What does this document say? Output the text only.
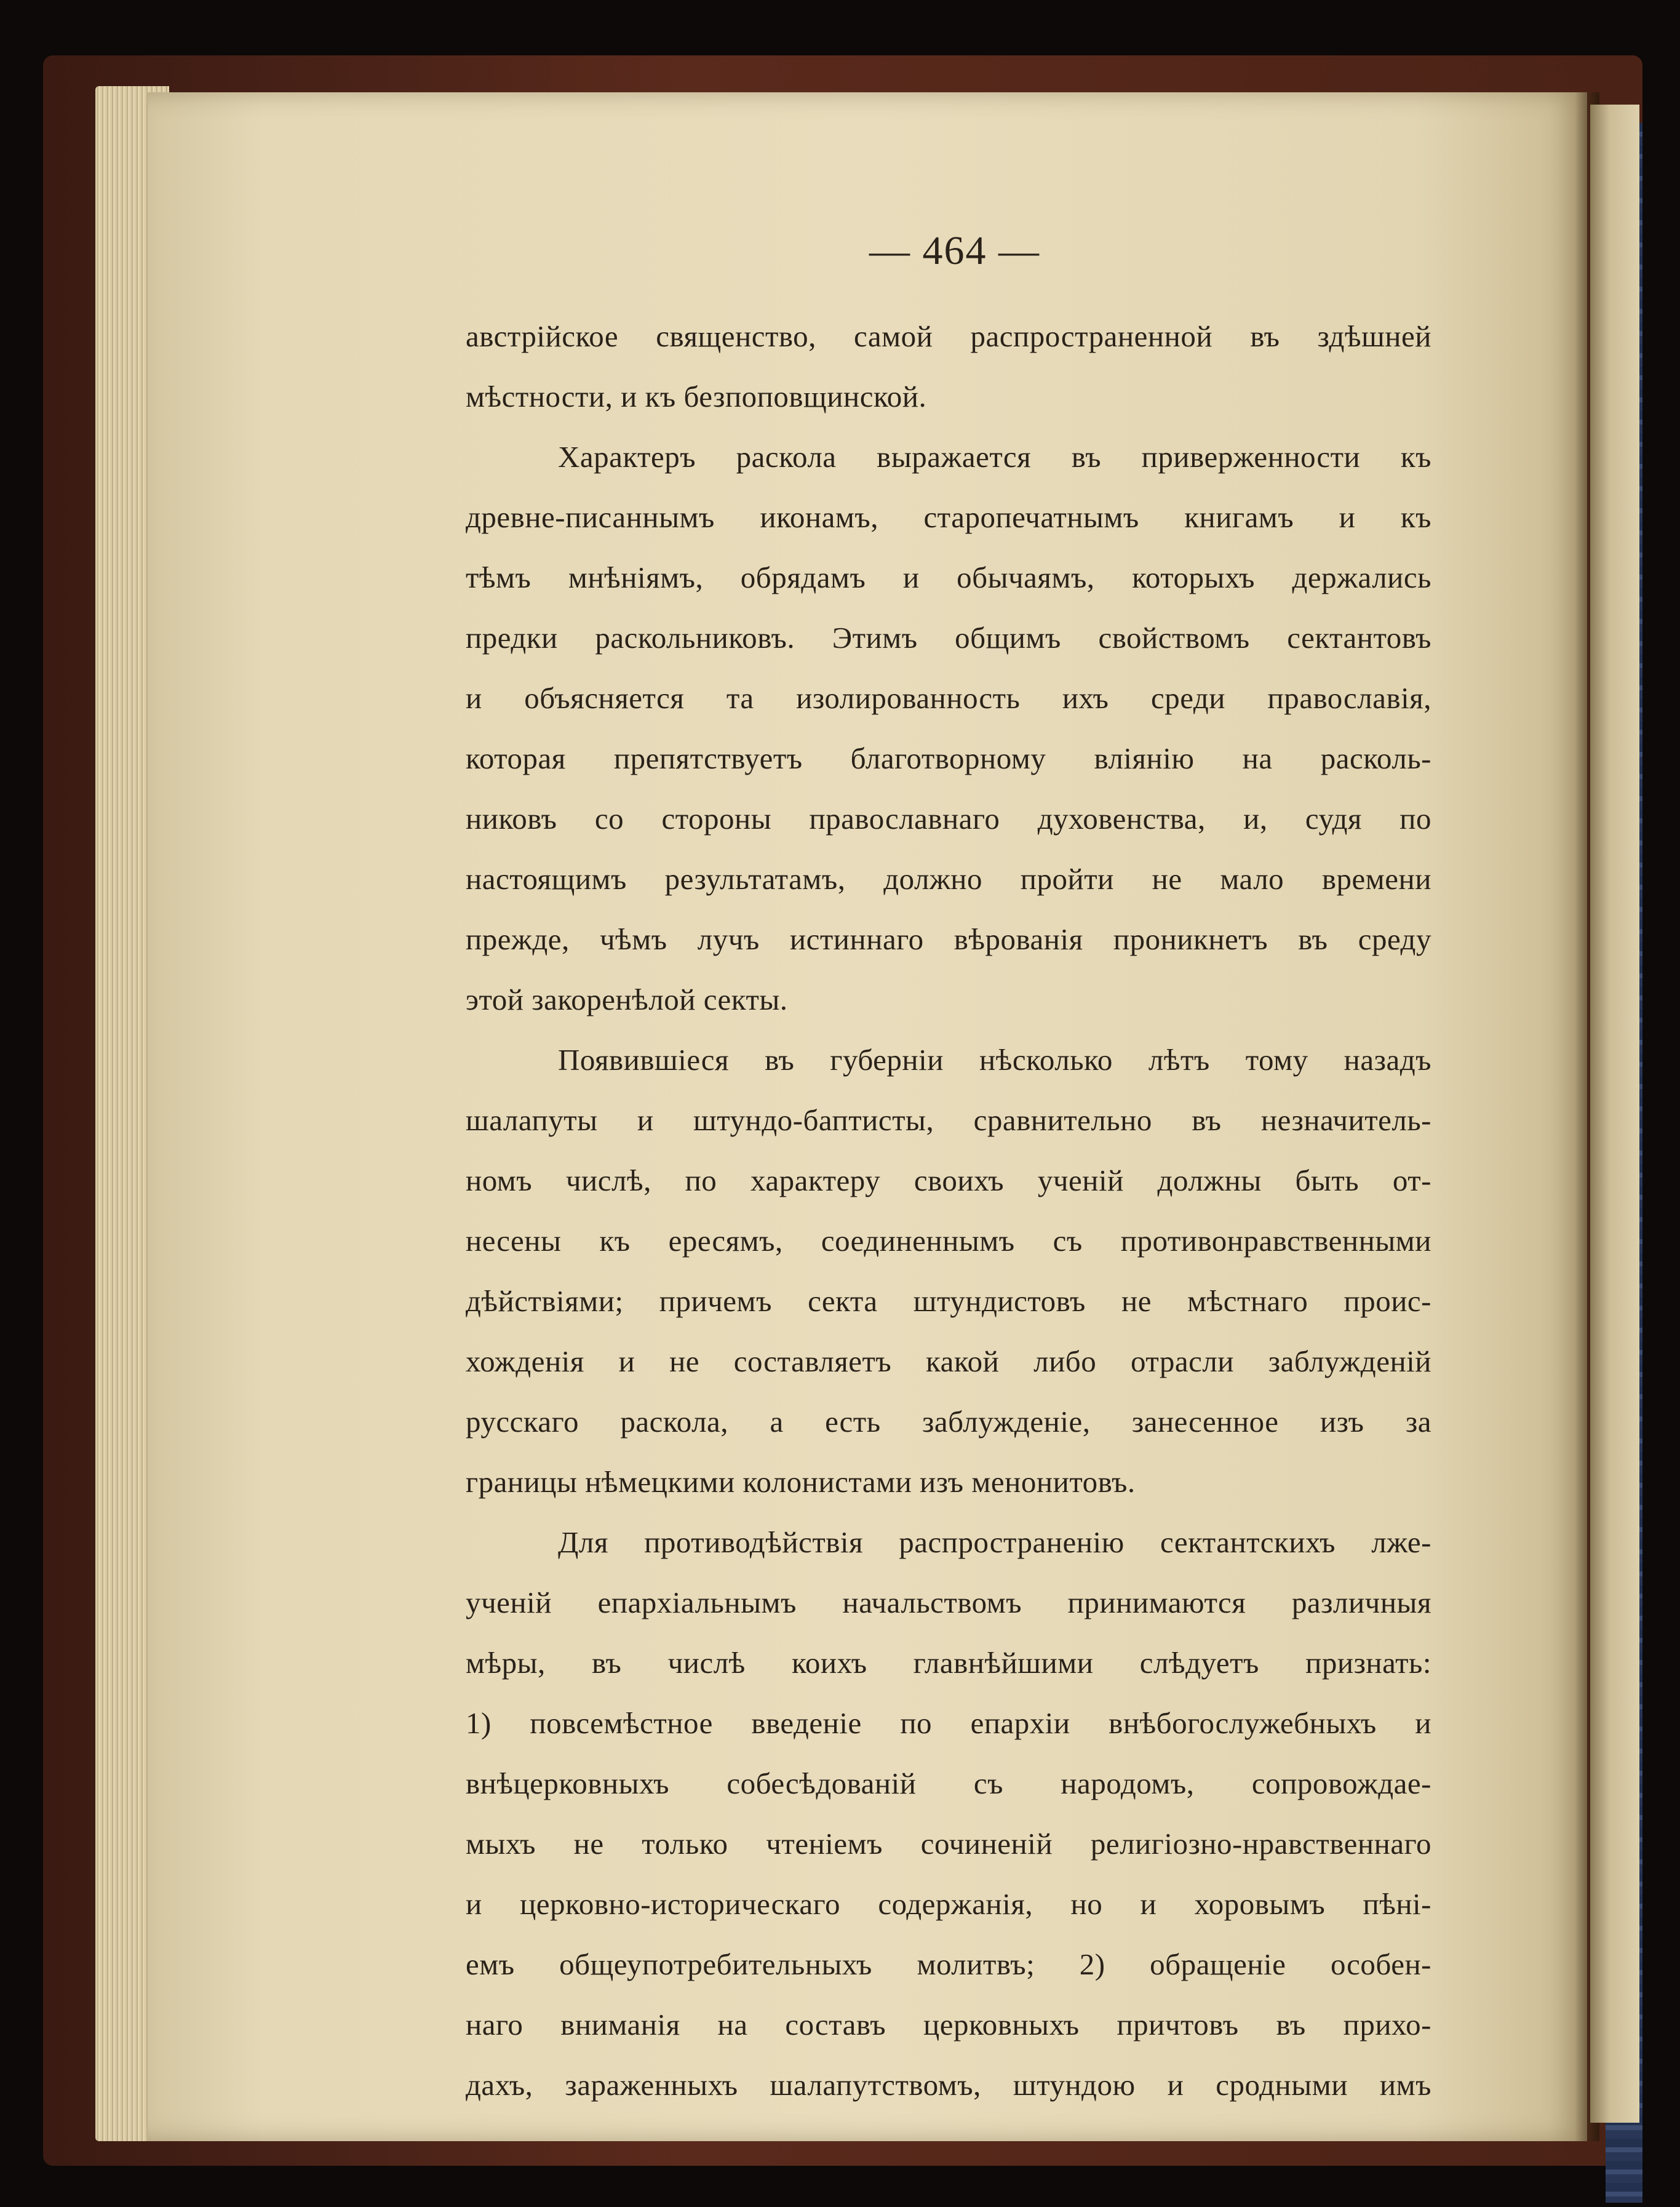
— 464 —
австрійское священство, самой распространенной въ здѣшней
мѣстности, и къ безпоповщинской.
Характеръ раскола выражается въ приверженности къ
древне-писаннымъ иконамъ, старопечатнымъ книгамъ и къ
тѣмъ мнѣніямъ, обрядамъ и обычаямъ, которыхъ держались
предки раскольниковъ. Этимъ общимъ свойствомъ сектантовъ
и объясняется та изолированность ихъ среди православія,
которая препятствуетъ благотворному вліянію на расколь-
никовъ со стороны православнаго духовенства, и, судя по
настоящимъ результатамъ, должно пройти не мало времени
прежде, чѣмъ лучъ истиннаго вѣрованія проникнетъ въ среду
этой закоренѣлой секты.
Появившіеся въ губерніи нѣсколько лѣтъ тому назадъ
шалапуты и штундо-баптисты, сравнительно въ незначитель-
номъ числѣ, по характеру своихъ ученій должны быть от-
несены къ ересямъ, соединеннымъ съ противонравственными
дѣйствіями; причемъ секта штундистовъ не мѣстнаго проис-
хожденія и не составляетъ какой либо отрасли заблужденій
русскаго раскола, а есть заблужденіе, занесенное изъ за
границы нѣмецкими колонистами изъ менонитовъ.
Для противодѣйствія распространенію сектантскихъ лже-
ученій епархіальнымъ начальствомъ принимаются различныя
мѣры, въ числѣ коихъ главнѣйшими слѣдуетъ признать:
1) повсемѣстное введеніе по епархіи внѣбогослужебныхъ и
внѣцерковныхъ собесѣдованій съ народомъ, сопровождае-
мыхъ не только чтеніемъ сочиненій религіозно-нравственнаго
и церковно-историческаго содержанія, но и хоровымъ пѣні-
емъ общеупотребительныхъ молитвъ; 2) обращеніе особен-
наго вниманія на составъ церковныхъ причтовъ въ прихо-
дахъ, зараженныхъ шалапутствомъ, штундою и сродными имъ
